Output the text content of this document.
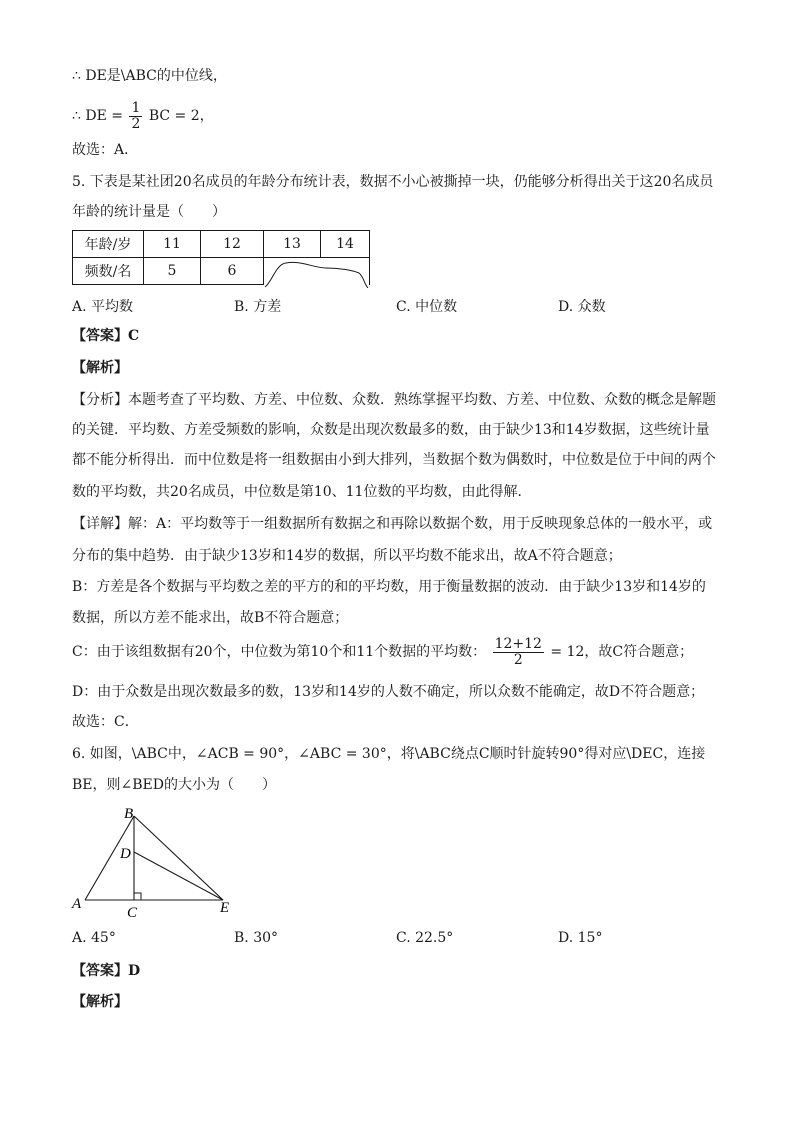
∴ DE是\ABC的中位线，
∴ DE = $\frac{1}{2}$ BC = 2，
故选：A．
5. 下表是某社团20名成员的年龄分布统计表，数据不小心被撕掉一块，仍能够分析得出关于这20名成员
年龄的统计量是（　　）
年龄/岁	11	12	13	14
频数/名	5	6	
A. 平均数	B. 方差	C. 中位数	D. 众数
【答案】C
【解析】
【分析】本题考查了平均数、方差、中位数、众数．熟练掌握平均数、方差、中位数、众数的概念是解题
的关键．平均数、方差受频数的影响，众数是出现次数最多的数，由于缺少13和14岁数据，这些统计量
都不能分析得出．而中位数是将一组数据由小到大排列，当数据个数为偶数时，中位数是位于中间的两个
数的平均数，共20名成员，中位数是第10、11位数的平均数，由此得解．
【详解】解：A：平均数等于一组数据所有数据之和再除以数据个数，用于反映现象总体的一般水平，或
分布的集中趋势．由于缺少13岁和14岁的数据，所以平均数不能求出，故A不符合题意；
B：方差是各个数据与平均数之差的平方的和的平均数，用于衡量数据的波动．由于缺少13岁和14岁的
数据，所以方差不能求出，故B不符合题意；
C：由于该组数据有20个，中位数为第10个和11个数据的平均数： $\frac{12+12}{2} = 12$，故C符合题意；
D：由于众数是出现次数最多的数，13岁和14岁的人数不确定，所以众数不能确定，故D不符合题意；
故选：C．
6. 如图，\ABC中，∠ACB = 90°，∠ABC = 30°，将\ABC绕点C顺时针旋转90°得对应\DEC，连接
BE，则∠BED的大小为（　　）
B
D
A
C	E
A. 45°	B. 30°	C. 22.5°	D. 15°
【答案】D
【解析】
